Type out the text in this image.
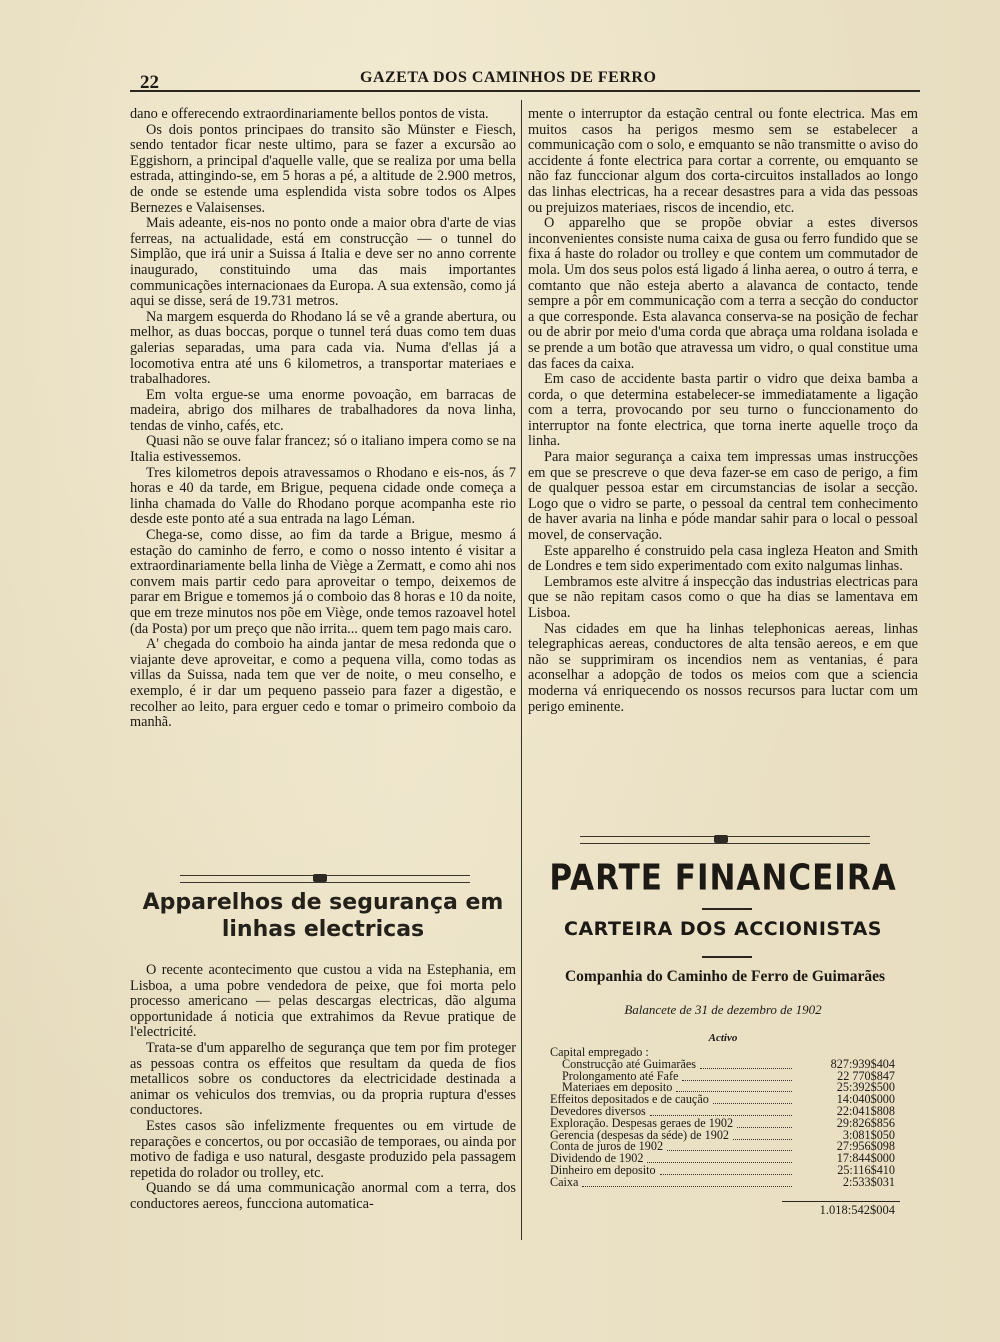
22	GAZETA DOS CAMINHOS DE FERRO

dano e offerecendo extraordinariamente bellos pontos de vista.

Os dois pontos principaes do transito são Münster e Fiesch, sendo tentador ficar neste ultimo, para se fazer a excursão ao Eggishorn, a principal d'aquelle valle, que se realiza por uma bella estrada, attingindo-se, em 5 horas a pé, a altitude de 2.900 metros, de onde se estende uma esplendida vista sobre todos os Alpes Bernezes e Valaisenses.

Mais adeante, eis-nos no ponto onde a maior obra d'arte de vias ferreas, na actualidade, está em construcção — o tunnel do Simplão, que irá unir a Suissa á Italia e deve ser no anno corrente inaugurado, constituindo uma das mais importantes communicações internacionaes da Europa. A sua extensão, como já aqui se disse, será de 19.731 metros.

Na margem esquerda do Rhodano lá se vê a grande abertura, ou melhor, as duas boccas, porque o tunnel terá duas como tem duas galerias separadas, uma para cada via. Numa d'ellas já a locomotiva entra até uns 6 kilometros, a transportar materiaes e trabalhadores.

Em volta ergue-se uma enorme povoação, em barracas de madeira, abrigo dos milhares de trabalhadores da nova linha, tendas de vinho, cafés, etc.

Quasi não se ouve falar francez; só o italiano impera como se na Italia estivessemos.

Tres kilometros depois atravessamos o Rhodano e eis-nos, ás 7 horas e 40 da tarde, em Brigue, pequena cidade onde começa a linha chamada do Valle do Rhodano porque acompanha este rio desde este ponto até a sua entrada na lago Léman.

Chega-se, como disse, ao fim da tarde a Brigue, mesmo á estação do caminho de ferro, e como o nosso intento é visitar a extraordinariamente bella linha de Viège a Zermatt, e como ahi nos convem mais partir cedo para aproveitar o tempo, deixemos de parar em Brigue e tomemos já o comboio das 8 horas e 10 da noite, que em treze minutos nos põe em Viège, onde temos razoavel hotel (da Posta) por um preço que não irrita... quem tem pago mais caro.

A' chegada do comboio ha ainda jantar de mesa redonda que o viajante deve aproveitar, e como a pequena villa, como todas as villas da Suissa, nada tem que ver de noite, o meu conselho, e exemplo, é ir dar um pequeno passeio para fazer a digestão, e recolher ao leito, para erguer cedo e tomar o primeiro comboio da manhã.

Apparelhos de segurança em
linhas electricas

O recente acontecimento que custou a vida na Estephania, em Lisboa, a uma pobre vendedora de peixe, que foi morta pelo processo americano — pelas descargas electricas, dão alguma opportunidade á noticia que extrahimos da Revue pratique de l'electricité.

Trata-se d'um apparelho de segurança que tem por fim proteger as pessoas contra os effeitos que resultam da queda de fios metallicos sobre os conductores da electricidade destinada a animar os vehiculos dos tremvias, ou da propria ruptura d'esses conductores.

Estes casos são infelizmente frequentes ou em virtude de reparações e concertos, ou por occasião de temporaes, ou ainda por motivo de fadiga e uso natural, desgaste produzido pela passagem repetida do rolador ou trolley, etc.

Quando se dá uma communicação anormal com a terra, dos conductores aereos, funcciona automatica-

mente o interruptor da estação central ou fonte electrica. Mas em muitos casos ha perigos mesmo sem se estabelecer a communicação com o solo, e emquanto se não transmitte o aviso do accidente á fonte electrica para cortar a corrente, ou emquanto se não faz funccionar algum dos corta-circuitos installados ao longo das linhas electricas, ha a recear desastres para a vida das pessoas ou prejuizos materiaes, riscos de incendio, etc.

O apparelho que se propõe obviar a estes diversos inconvenientes consiste numa caixa de gusa ou ferro fundido que se fixa á haste do rolador ou trolley e que contem um commutador de mola. Um dos seus polos está ligado á linha aerea, o outro á terra, e comtanto que não esteja aberto a alavanca de contacto, tende sempre a pôr em communicação com a terra a secção do conductor a que corresponde. Esta alavanca conserva-se na posição de fechar ou de abrir por meio d'uma corda que abraça uma roldana isolada e se prende a um botão que atravessa um vidro, o qual constitue uma das faces da caixa.

Em caso de accidente basta partir o vidro que deixa bamba a corda, o que determina estabelecer-se immediatamente a ligação com a terra, provocando por seu turno o funccionamento do interruptor na fonte electrica, que torna inerte aquelle troço da linha.

Para maior segurança a caixa tem impressas umas instrucções em que se prescreve o que deva fazer-se em caso de perigo, a fim de qualquer pessoa estar em circumstancias de isolar a secção. Logo que o vidro se parte, o pessoal da central tem conhecimento de haver avaria na linha e póde mandar sahir para o local o pessoal movel, de conservação.

Este apparelho é construido pela casa ingleza Heaton and Smith de Londres e tem sido experimentado com exito nalgumas linhas.

Lembramos este alvitre á inspecção das industrias electricas para que se não repitam casos como o que ha dias se lamentava em Lisboa.

Nas cidades em que ha linhas telephonicas aereas, linhas telegraphicas aereas, conductores de alta tensão aereos, e em que não se supprimiram os incendios nem as ventanias, é para aconselhar a adopção de todos os meios com que a sciencia moderna vá enriquecendo os nossos recursos para luctar com um perigo eminente.

PARTE FINANCEIRA
CARTEIRA DOS ACCIONISTAS
Companhia do Caminho de Ferro de Guimarães
Balancete de 31 de dezembro de 1902
Activo
Capital empregado :
Construcção até Guimarães	827:939$404
Prolongamento até Fafe	22 770$847
Materiaes em deposito	25:392$500
Effeitos depositados e de caução	14:040$000
Devedores diversos	22:041$808
Exploração. Despesas geraes de 1902	29:826$856
Gerencia (despesas da séde) de 1902	3:081$050
Conta de juros de 1902	27:956$098
Dividendo de 1902	17:844$000
Dinheiro em deposito	25:116$410
Caixa	2:533$031
1.018:542$004
